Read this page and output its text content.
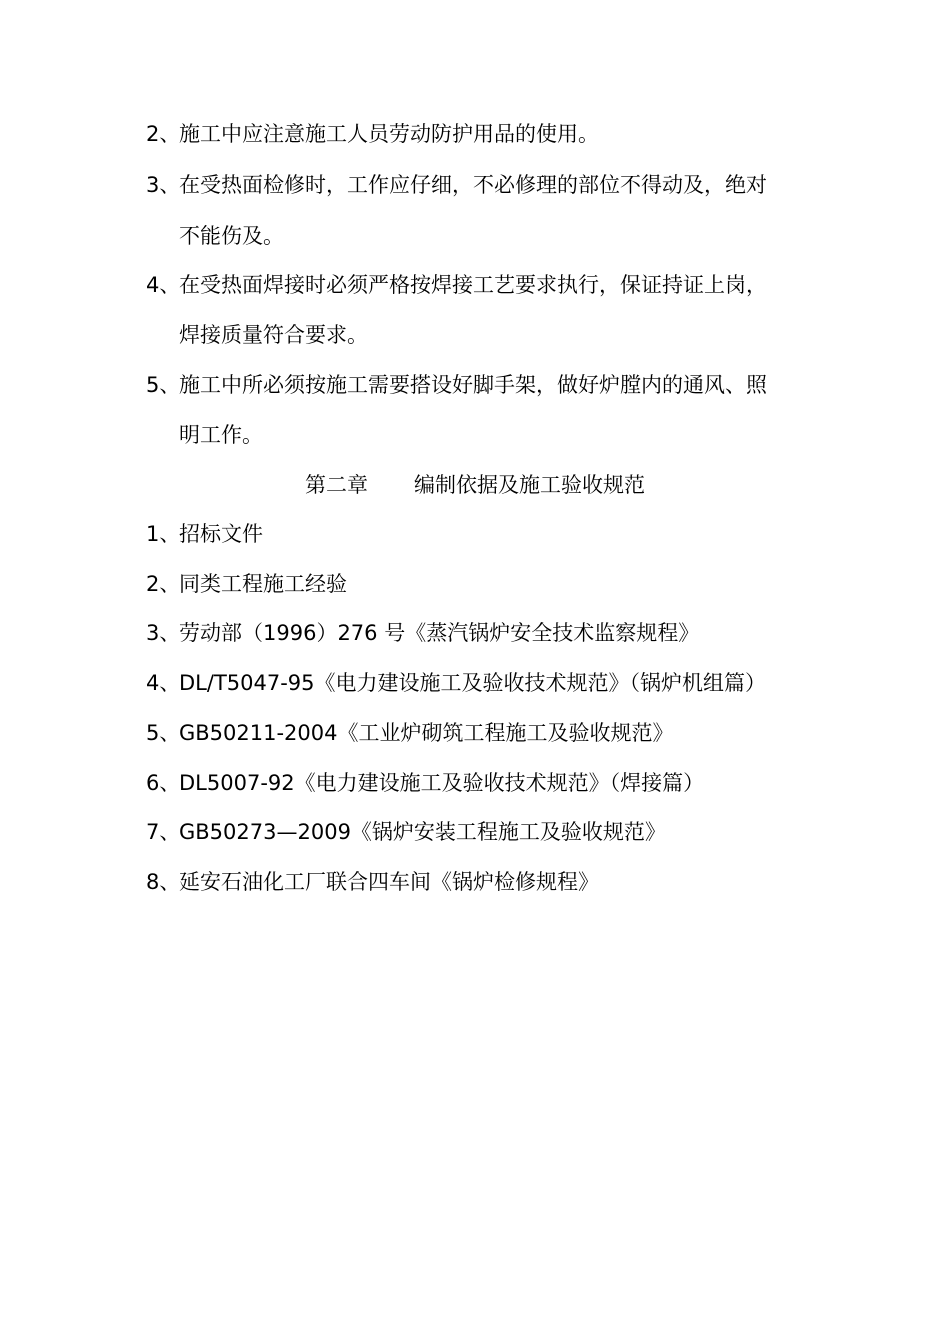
2、施工中应注意施工人员劳动防护用品的使用。
3、在受热面检修时，工作应仔细，不必修理的部位不得动及，绝对
不能伤及。
4、在受热面焊接时必须严格按焊接工艺要求执行，保证持证上岗，
焊接质量符合要求。
5、施工中所必须按施工需要搭设好脚手架，做好炉膛内的通风、照
明工作。
第二章 编制依据及施工验收规范
1、招标文件
2、同类工程施工经验
3、劳动部（1996）276 号《蒸汽锅炉安全技术监察规程》
4、DL/T5047-95《电力建设施工及验收技术规范》（锅炉机组篇）
5、GB50211-2004《工业炉砌筑工程施工及验收规范》
6、DL5007-92《电力建设施工及验收技术规范》（焊接篇）
7、GB50273—2009《锅炉安装工程施工及验收规范》
8、延安石油化工厂联合四车间《锅炉检修规程》
